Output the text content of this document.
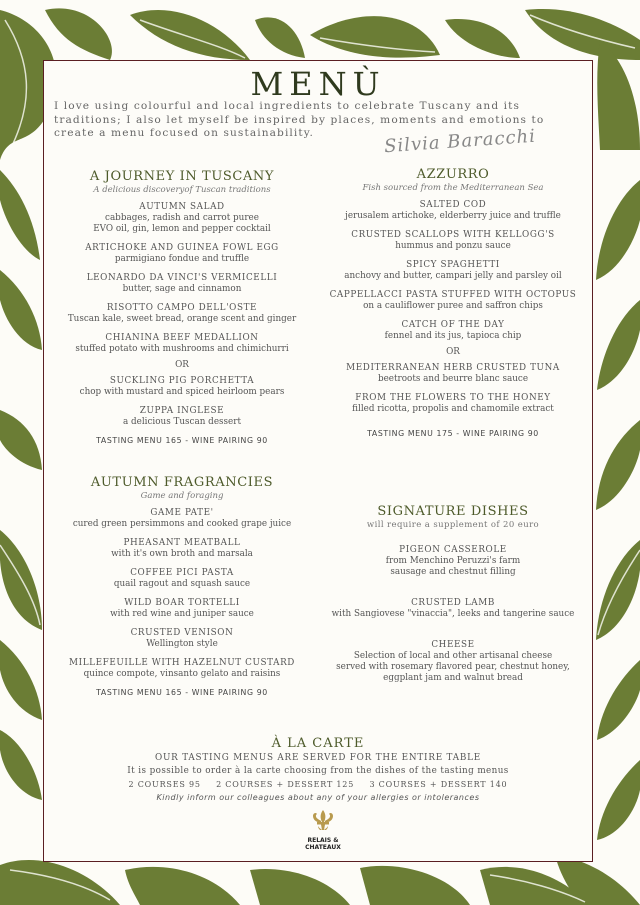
MENÙ
I love using colourful and local ingredients to celebrate Tuscany and its traditions; I also let myself be inspired by places, moments and emotions to create a menu focused on sustainability.	Silvia Baracchi
A JOURNEY IN TUSCANY
A delicious discoveryof Tuscan traditions
AUTUMN SALAD
cabbages, radish and carrot puree
EVO oil, gin, lemon and pepper cocktail
ARTICHOKE AND GUINEA FOWL EGG
parmigiano fondue and truffle
LEONARDO DA VINCI'S VERMICELLI
butter, sage and cinnamon
RISOTTO CAMPO DELL'OSTE
Tuscan kale, sweet bread, orange scent and ginger
CHIANINA BEEF MEDALLION
stuffed potato with mushrooms and chimichurri
OR
SUCKLING PIG PORCHETTA
chop with mustard and spiced heirloom pears
ZUPPA INGLESE
a delicious Tuscan dessert
TASTING MENU 165 - WINE PAIRING 90
AZZURRO
Fish sourced from the Mediterranean Sea
SALTED COD
jerusalem artichoke, elderberry juice and truffle
CRUSTED SCALLOPS WITH KELLOGG'S
hummus and ponzu sauce
SPICY SPAGHETTI
anchovy and butter, campari jelly and parsley oil
CAPPELLACCI PASTA STUFFED WITH OCTOPUS
on a cauliflower puree and saffron chips
CATCH OF THE DAY
fennel and its jus, tapioca chip
OR
MEDITERRANEAN HERB CRUSTED TUNA
beetroots and beurre blanc sauce
FROM THE FLOWERS TO THE HONEY
filled ricotta, propolis and chamomile extract
TASTING MENU 175 - WINE PAIRING 90
AUTUMN FRAGRANCIES
Game and foraging
GAME PATE'
cured green persimmons and cooked grape juice
PHEASANT MEATBALL
with it's own broth and marsala
COFFEE PICI PASTA
quail ragout and squash sauce
WILD BOAR TORTELLI
with red wine and juniper sauce
CRUSTED VENISON
Wellington style
MILLEFEUILLE WITH HAZELNUT CUSTARD
quince compote, vinsanto gelato and raisins
TASTING MENU 165 - WINE PAIRING 90
SIGNATURE DISHES
will require a supplement of 20 euro
PIGEON CASSEROLE
from Menchino Peruzzi's farm
sausage and chestnut filling
CRUSTED LAMB
with Sangiovese "vinaccia", leeks and tangerine sauce
CHEESE
Selection of local and other artisanal cheese
served with rosemary flavored pear, chestnut honey,
eggplant jam and walnut bread
À LA CARTE
OUR TASTING MENUS ARE SERVED FOR THE ENTIRE TABLE
It is possible to order à la carte choosing from the dishes of the tasting menus
2 COURSES 95 2 COURSES + DESSERT 125 3 COURSES + DESSERT 140
Kindly inform our colleagues about any of your allergies or intolerances
RELAIS &
CHATEAUX
